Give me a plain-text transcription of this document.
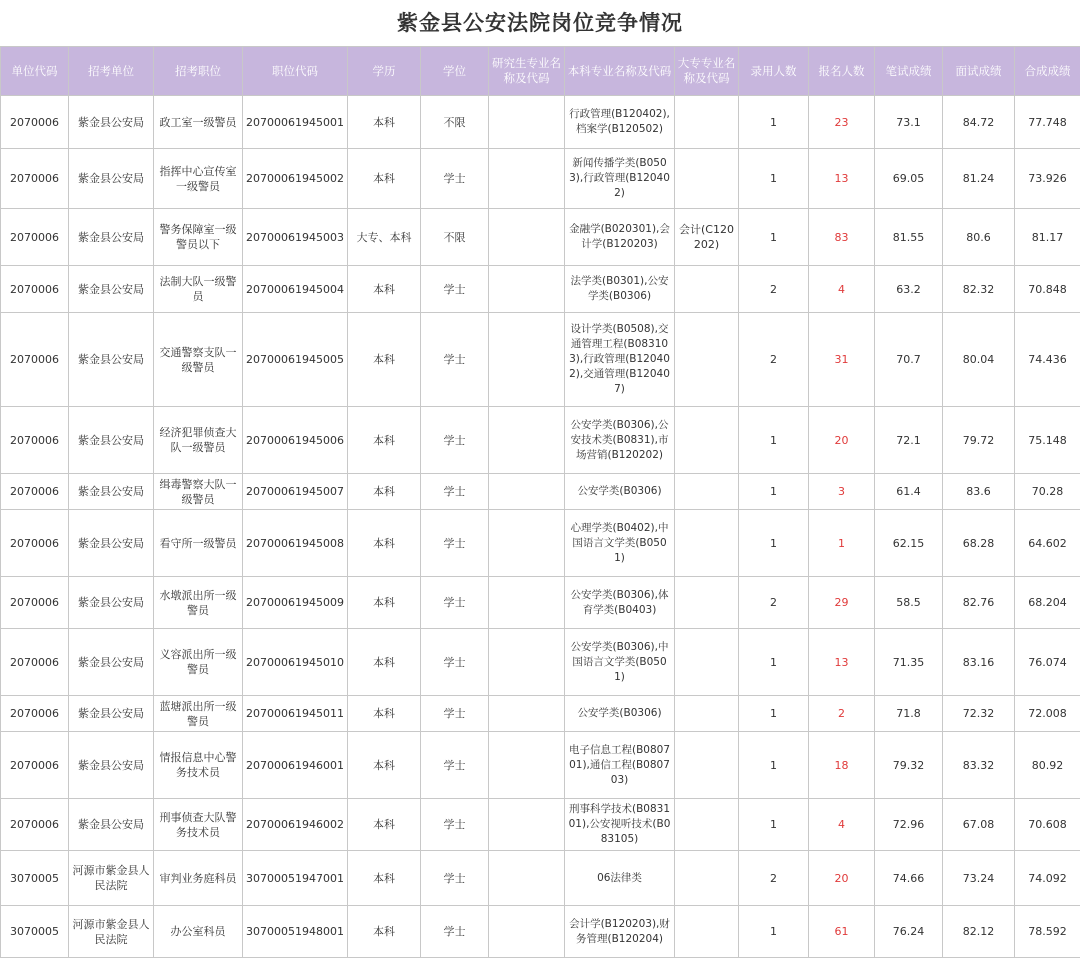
紫金县公安法院岗位竞争情况
单位代码	招考单位	招考职位	职位代码	学历	学位	研究生专业名称及代码	本科专业名称及代码	大专专业名称及代码	录用人数	报名人数	笔试成绩	面试成绩	合成成绩
2070006	紫金县公安局	政工室一级警员	20700061945001	本科	不限		行政管理(B120402),档案学(B120502)		1	23	73.1	84.72	77.748
2070006	紫金县公安局	指挥中心宣传室一级警员	20700061945002	本科	学士		新闻传播学类(B0503),行政管理(B120402)		1	13	69.05	81.24	73.926
2070006	紫金县公安局	警务保障室一级警员以下	20700061945003	大专、本科	不限		金融学(B020301),会计学(B120203)	会计(C120202)	1	83	81.55	80.6	81.17
2070006	紫金县公安局	法制大队一级警员	20700061945004	本科	学士		法学类(B0301),公安学类(B0306)		2	4	63.2	82.32	70.848
2070006	紫金县公安局	交通警察支队一级警员	20700061945005	本科	学士		设计学类(B0508),交通管理工程(B083103),行政管理(B120402),交通管理(B120407)		2	31	70.7	80.04	74.436
2070006	紫金县公安局	经济犯罪侦查大队一级警员	20700061945006	本科	学士		公安学类(B0306),公安技术类(B0831),市场营销(B120202)		1	20	72.1	79.72	75.148
2070006	紫金县公安局	缉毒警察大队一级警员	20700061945007	本科	学士		公安学类(B0306)		1	3	61.4	83.6	70.28
2070006	紫金县公安局	看守所一级警员	20700061945008	本科	学士		心理学类(B0402),中国语言文学类(B0501)		1	1	62.15	68.28	64.602
2070006	紫金县公安局	水墩派出所一级警员	20700061945009	本科	学士		公安学类(B0306),体育学类(B0403)		2	29	58.5	82.76	68.204
2070006	紫金县公安局	义容派出所一级警员	20700061945010	本科	学士		公安学类(B0306),中国语言文学类(B0501)		1	13	71.35	83.16	76.074
2070006	紫金县公安局	蓝塘派出所一级警员	20700061945011	本科	学士		公安学类(B0306)		1	2	71.8	72.32	72.008
2070006	紫金县公安局	情报信息中心警务技术员	20700061946001	本科	学士		电子信息工程(B080701),通信工程(B080703)		1	18	79.32	83.32	80.92
2070006	紫金县公安局	刑事侦查大队警务技术员	20700061946002	本科	学士		刑事科学技术(B083101),公安视听技术(B083105)		1	4	72.96	67.08	70.608
3070005	河源市紫金县人民法院	审判业务庭科员	30700051947001	本科	学士		06法律类		2	20	74.66	73.24	74.092
3070005	河源市紫金县人民法院	办公室科员	30700051948001	本科	学士		会计学(B120203),财务管理(B120204)		1	61	76.24	82.12	78.592
